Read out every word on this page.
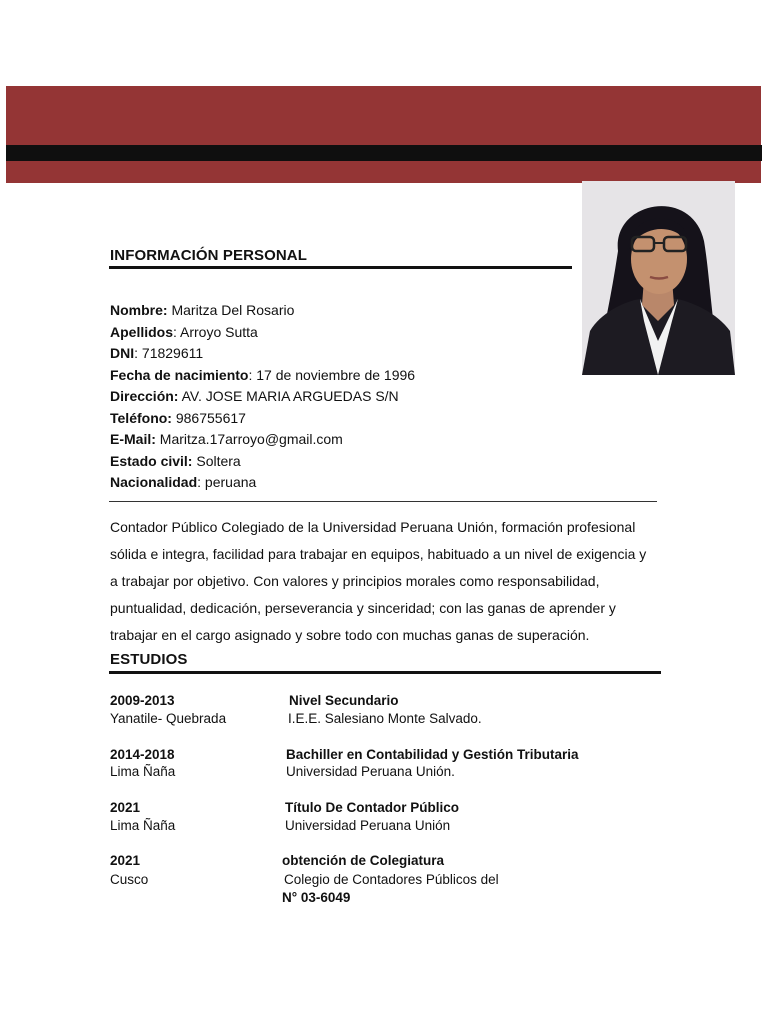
INFORMACIÓN PERSONAL
Nombre: Maritza Del Rosario
Apellidos: Arroyo Sutta
DNI: 71829611
Fecha de nacimiento: 17 de noviembre de 1996
Dirección: AV. JOSE MARIA ARGUEDAS S/N
Teléfono: 986755617
E-Mail: Maritza.17arroyo@gmail.com
Estado civil: Soltera
Nacionalidad: peruana
Contador Público Colegiado de la Universidad Peruana Unión, formación profesional
sólida e integra, facilidad para trabajar en equipos, habituado a un nivel de exigencia y
a trabajar por objetivo. Con valores y principios morales como responsabilidad,
puntualidad, dedicación, perseverancia y sinceridad; con las ganas de aprender y
trabajar en el cargo asignado y sobre todo con muchas ganas de superación.
ESTUDIOS
2009-2013
Yanatile- Quebrada
Nivel Secundario
I.E.E. Salesiano Monte Salvado.
2014-2018
Lima Ñaña
Bachiller en Contabilidad y Gestión Tributaria
Universidad Peruana Unión.
2021
Lima Ñaña
Título De Contador Público
Universidad Peruana Unión
2021
Cusco
obtención de Colegiatura
Colegio de Contadores Públicos del
N° 03-6049
